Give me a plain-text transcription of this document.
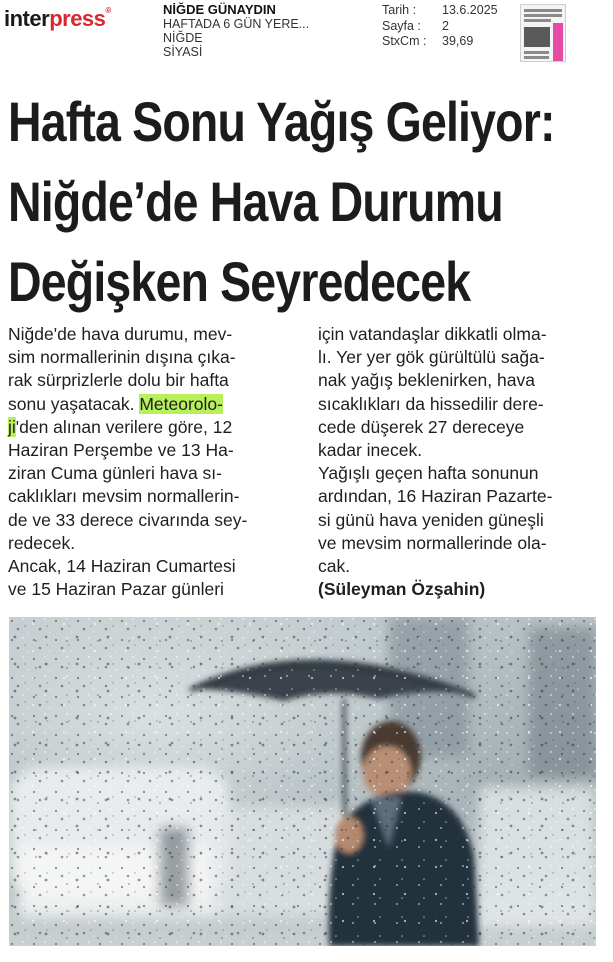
interpress®	NİĞDE GÜNAYDIN
HAFTADA 6 GÜN YERE...
NİĞDE
SİYASİ
Tarih :	13.6.2025
Sayfa :	2
StxCm :	39,69
Hafta Sonu Yağış Geliyor:
Niğde’de Hava Durumu
Değişken Seyredecek
Niğde'de hava durumu, mev-
sim normallerinin dışına çıka-
rak sürprizlerle dolu bir hafta
sonu yaşatacak. Meteorolo-
ji'den alınan verilere göre, 12
Haziran Perşembe ve 13 Ha-
ziran Cuma günleri hava sı-
caklıkları mevsim normallerin-
de ve 33 derece civarında sey-
redecek.
Ancak, 14 Haziran Cumartesi
ve 15 Haziran Pazar günleri
için vatandaşlar dikkatli olma-
lı. Yer yer gök gürültülü sağa-
nak yağış beklenirken, hava
sıcaklıkları da hissedilir dere-
cede düşerek 27 dereceye
kadar inecek.
Yağışlı geçen hafta sonunun
ardından, 16 Haziran Pazarte-
si günü hava yeniden güneşli
ve mevsim normallerinde ola-
cak.
(Süleyman Özşahin)
